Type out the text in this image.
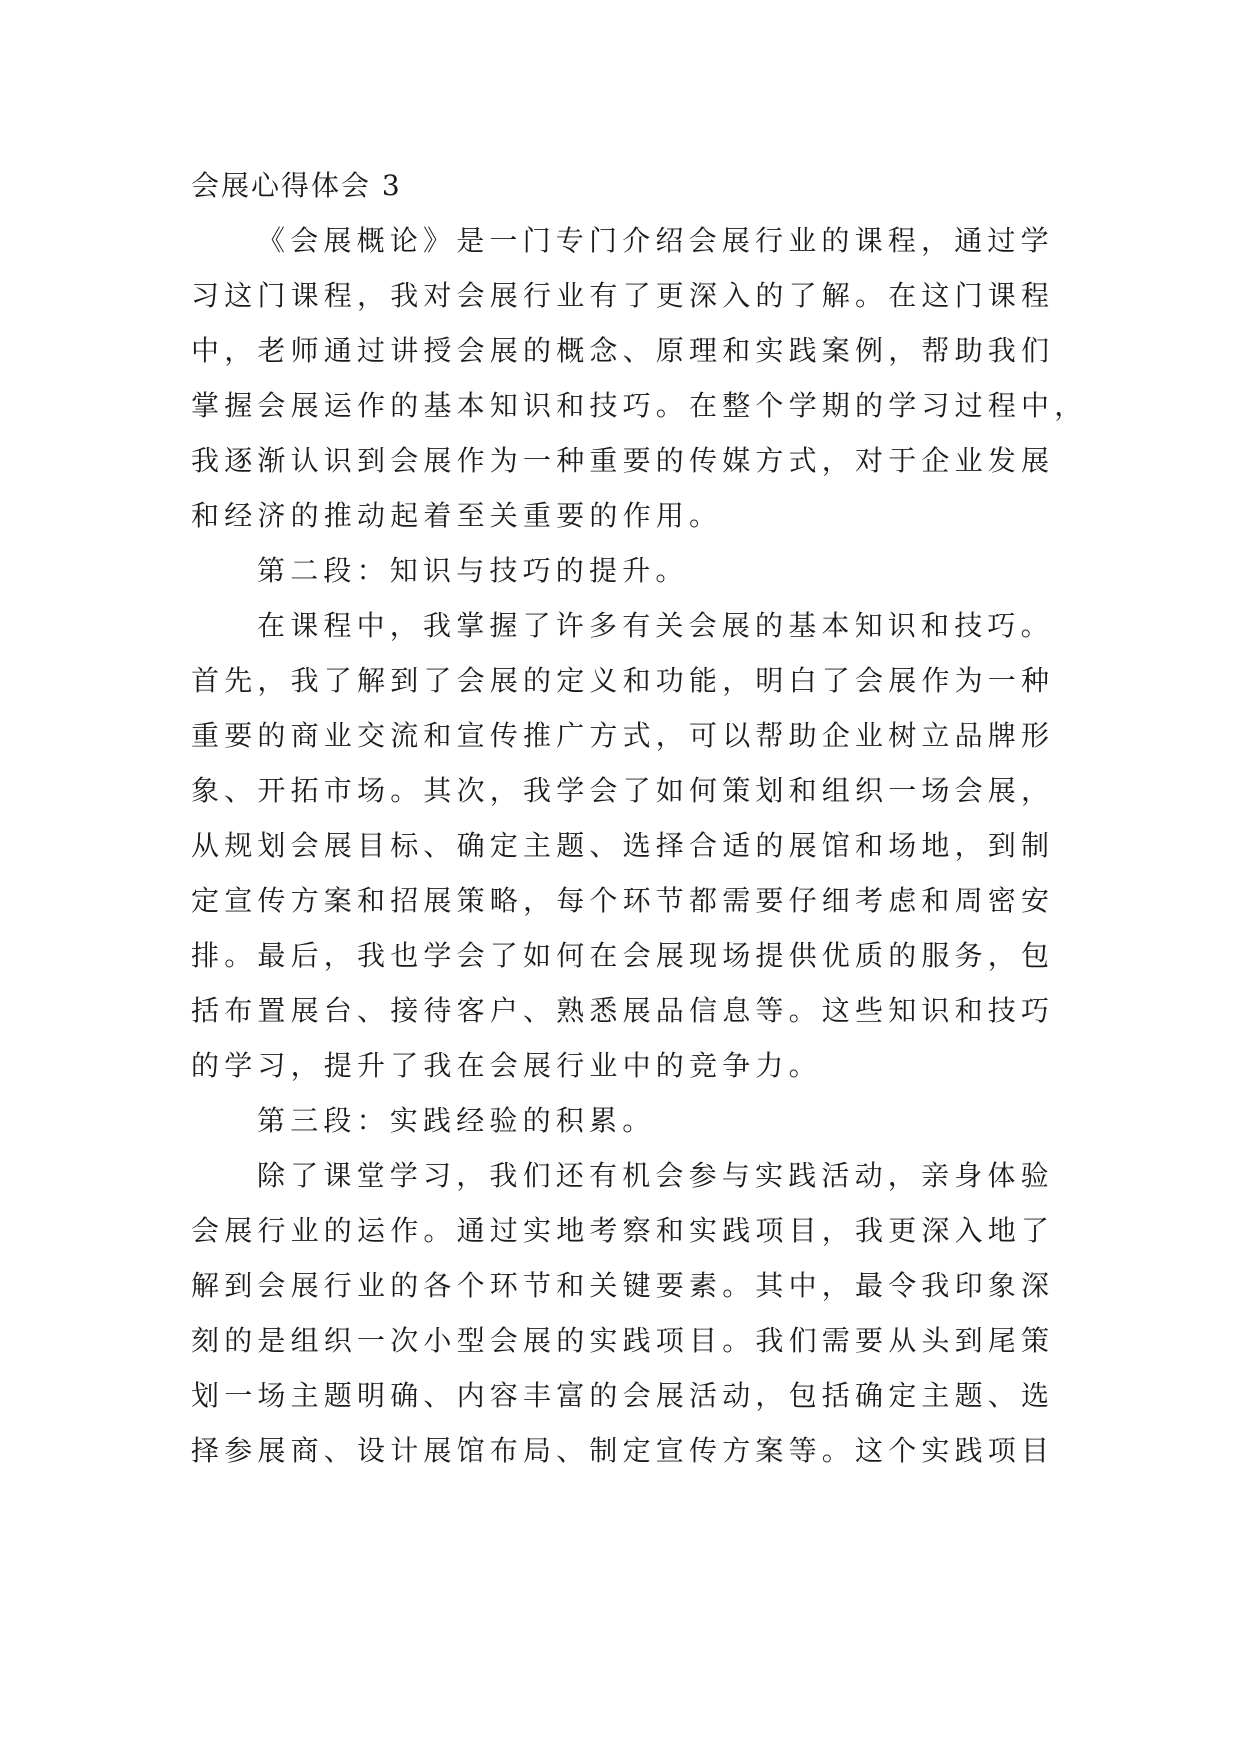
会展心得体会 3
《会展概论》是一门专门介绍会展行业的课程，通过学
习这门课程，我对会展行业有了更深入的了解。在这门课程
中，老师通过讲授会展的概念、原理和实践案例，帮助我们
掌握会展运作的基本知识和技巧。在整个学期的学习过程中，
我逐渐认识到会展作为一种重要的传媒方式，对于企业发展
和经济的推动起着至关重要的作用。
第二段：知识与技巧的提升。
在课程中，我掌握了许多有关会展的基本知识和技巧。
首先，我了解到了会展的定义和功能，明白了会展作为一种
重要的商业交流和宣传推广方式，可以帮助企业树立品牌形
象、开拓市场。其次，我学会了如何策划和组织一场会展，
从规划会展目标、确定主题、选择合适的展馆和场地，到制
定宣传方案和招展策略，每个环节都需要仔细考虑和周密安
排。最后，我也学会了如何在会展现场提供优质的服务，包
括布置展台、接待客户、熟悉展品信息等。这些知识和技巧
的学习，提升了我在会展行业中的竞争力。
第三段：实践经验的积累。
除了课堂学习，我们还有机会参与实践活动，亲身体验
会展行业的运作。通过实地考察和实践项目，我更深入地了
解到会展行业的各个环节和关键要素。其中，最令我印象深
刻的是组织一次小型会展的实践项目。我们需要从头到尾策
划一场主题明确、内容丰富的会展活动，包括确定主题、选
择参展商、设计展馆布局、制定宣传方案等。这个实践项目
